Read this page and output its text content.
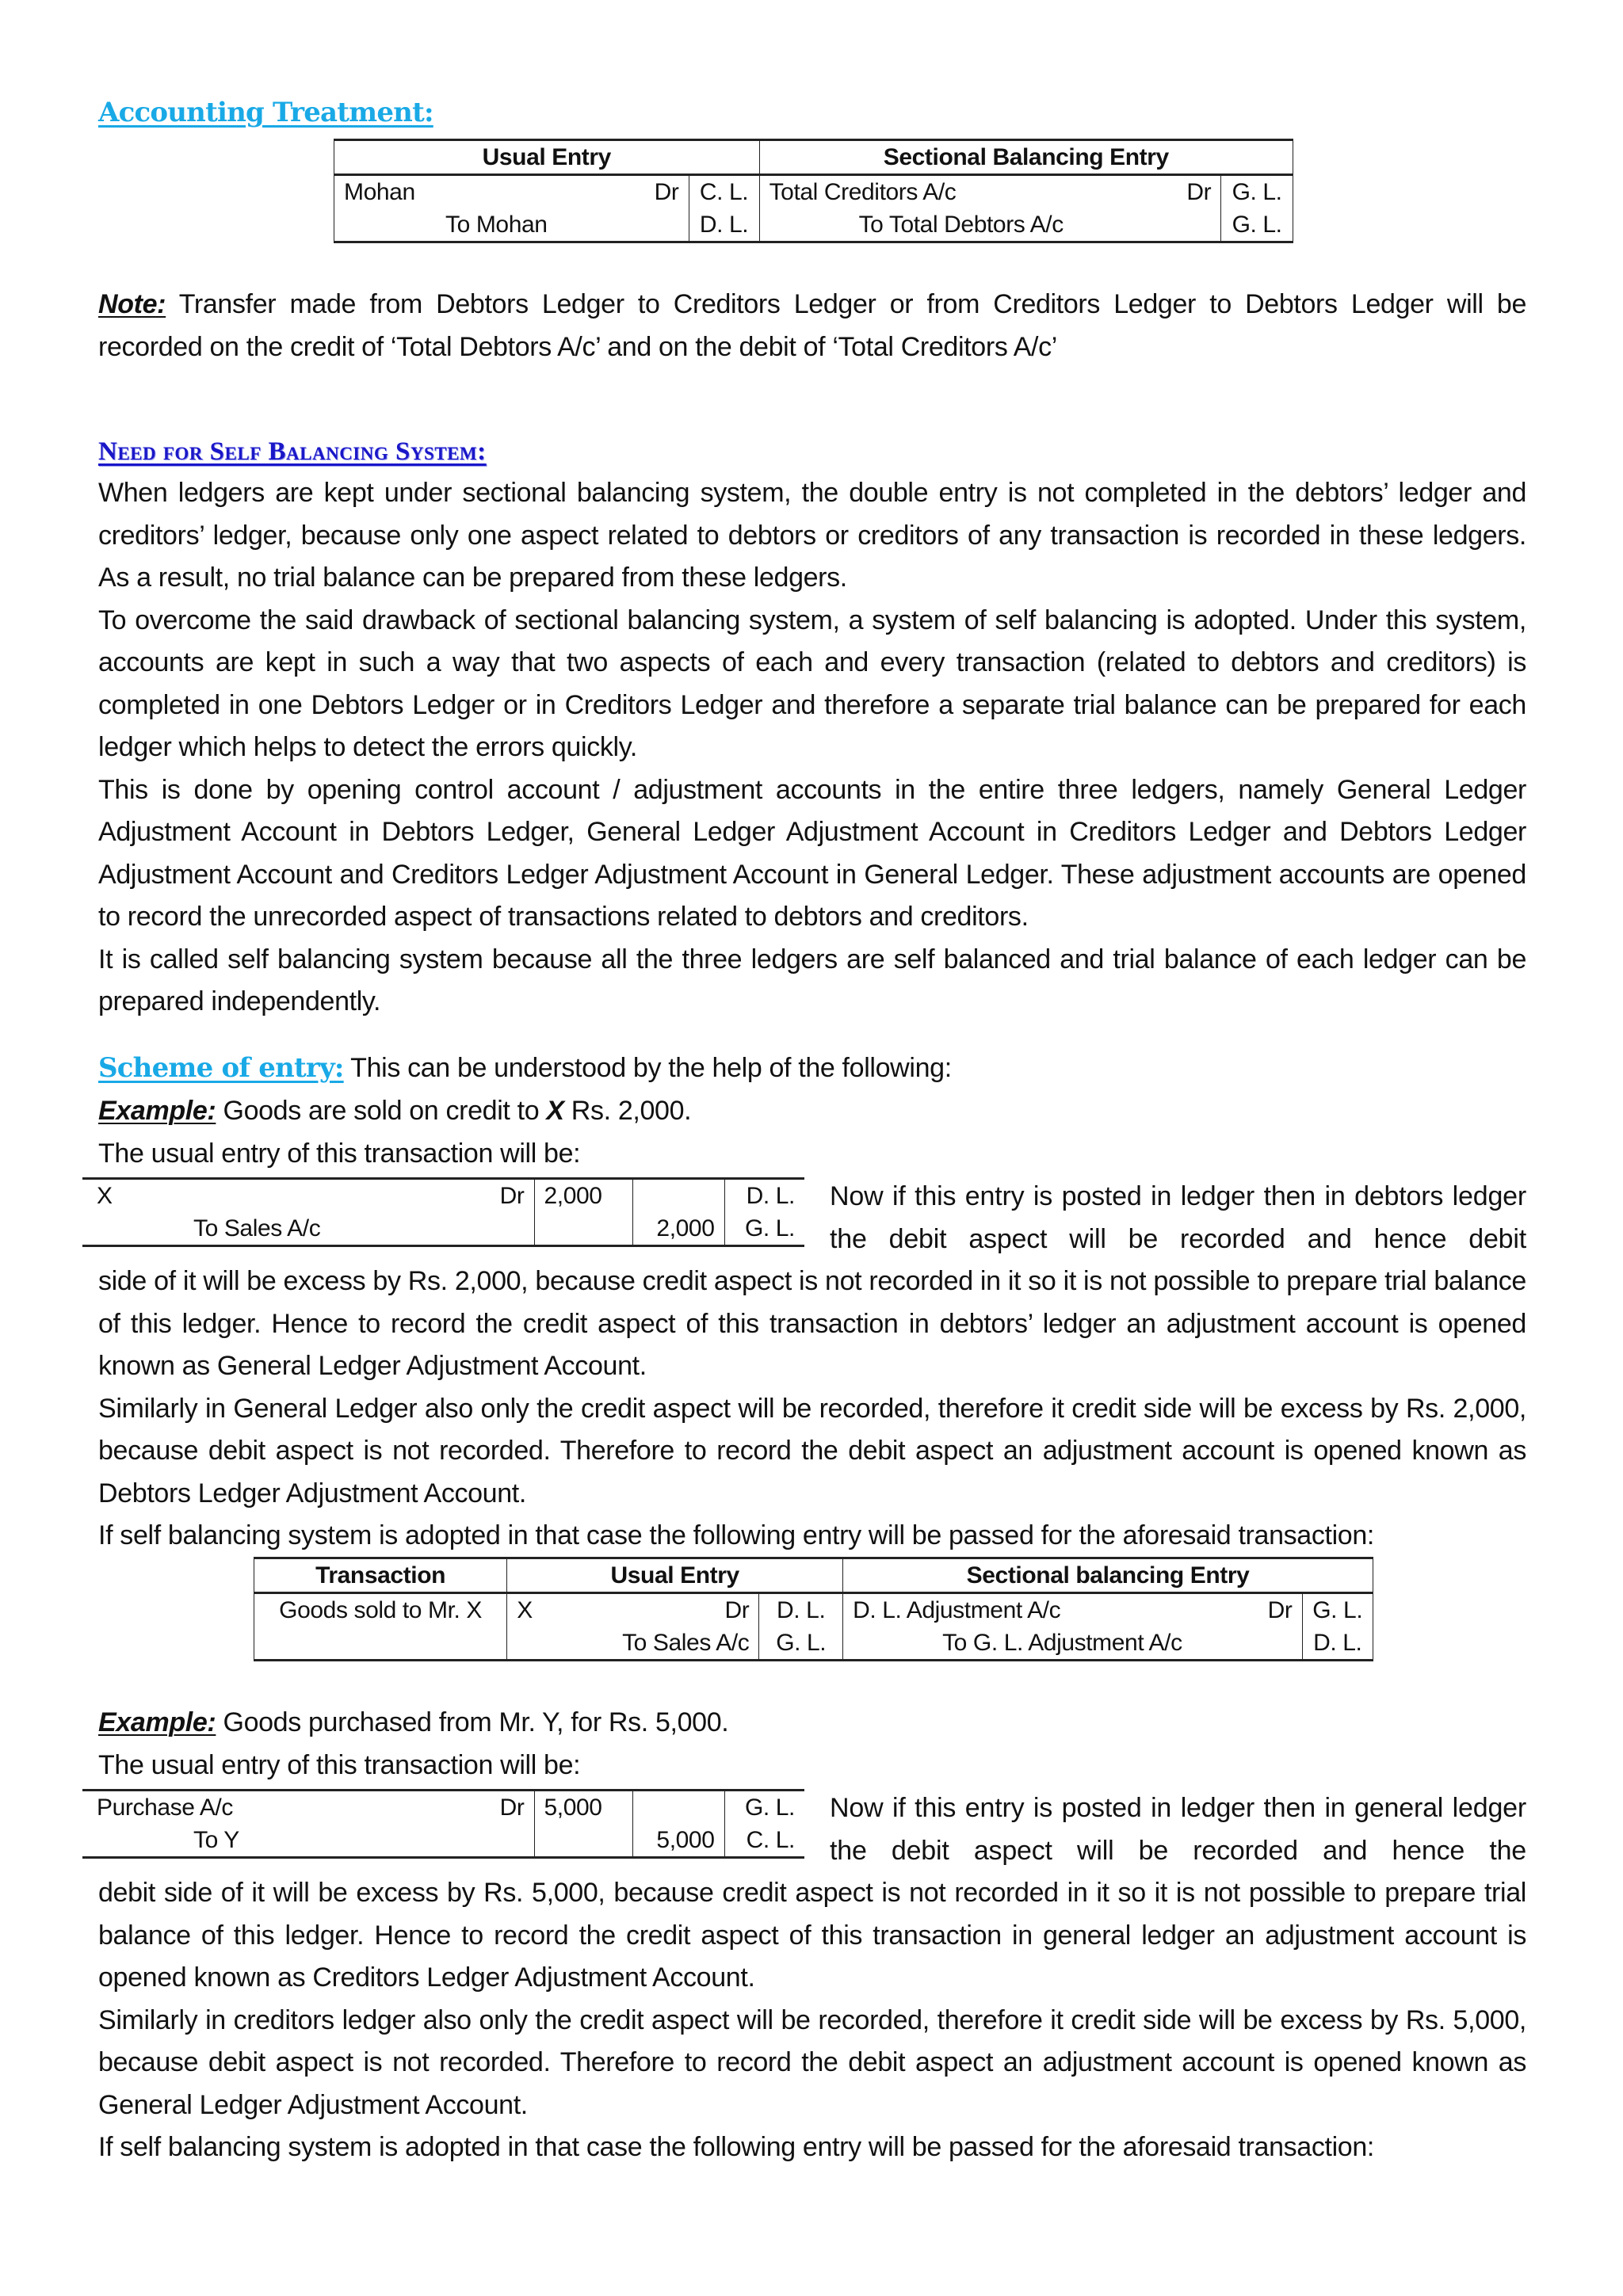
Accounting Treatment:
Usual Entry		Sectional Balancing Entry	

Mohan Dr	C. L.	Total Creditors A/c Dr	G. L.
To Mohan	D. L.	To Total Debtors A/c	G. L.
Note: Transfer made from Debtors Ledger to Creditors Ledger or from Creditors Ledger to Debtors Ledger will be recorded on the credit of ‘Total Debtors A/c’ and on the debit of ‘Total Creditors A/c’
Need for Self Balancing System:
When ledgers are kept under sectional balancing system, the double entry is not completed in the debtors’ ledger and creditors’ ledger, because only one aspect related to debtors or creditors of any transaction is recorded in these ledgers. As a result, no trial balance can be prepared from these ledgers.
To overcome the said drawback of sectional balancing system, a system of self balancing is adopted. Under this system, accounts are kept in such a way that two aspects of each and every transaction (related to debtors and creditors) is completed in one Debtors Ledger or in Creditors Ledger and therefore a separate trial balance can be prepared for each ledger which helps to detect the errors quickly.
This is done by opening control account / adjustment accounts in the entire three ledgers, namely General Ledger Adjustment Account in Debtors Ledger, General Ledger Adjustment Account in Creditors Ledger and Debtors Ledger Adjustment Account and Creditors Ledger Adjustment Account in General Ledger. These adjustment accounts are opened to record the unrecorded aspect of transactions related to debtors and creditors.
It is called self balancing system because all the three ledgers are self balanced and trial balance of each ledger can be prepared independently.
Scheme of entry: This can be understood by the help of the following:
Example: Goods are sold on credit to X Rs. 2,000.
The usual entry of this transaction will be:
X Dr	2,000		D. L.
To Sales A/c		2,000	G. L.
Now if this entry is posted in ledger then in debtors ledger the debit aspect will be recorded and hence debit
side of it will be excess by Rs. 2,000, because credit aspect is not recorded in it so it is not possible to prepare trial balance of this ledger. Hence to record the credit aspect of this transaction in debtors’ ledger an adjustment account is opened known as General Ledger Adjustment Account.
Similarly in General Ledger also only the credit aspect will be recorded, therefore it credit side will be excess by Rs. 2,000, because debit aspect is not recorded. Therefore to record the debit aspect an adjustment account is opened known as Debtors Ledger Adjustment Account.
If self balancing system is adopted in that case the following entry will be passed for the aforesaid transaction:
Transaction	Usual Entry		Sectional balancing Entry	
Goods sold to Mr. X	X Dr	D. L.	D. L. Adjustment A/c Dr	G. L.
	To Sales A/c	G. L.	To G. L. Adjustment A/c	D. L.
Example: Goods purchased from Mr. Y, for Rs. 5,000.
The usual entry of this transaction will be:
Purchase A/c Dr	5,000		G. L.
To Y		5,000	C. L.
Now if this entry is posted in ledger then in general ledger the debit aspect will be recorded and hence the
debit side of it will be excess by Rs. 5,000, because credit aspect is not recorded in it so it is not possible to prepare trial balance of this ledger. Hence to record the credit aspect of this transaction in general ledger an adjustment account is opened known as Creditors Ledger Adjustment Account.
Similarly in creditors ledger also only the credit aspect will be recorded, therefore it credit side will be excess by Rs. 5,000, because debit aspect is not recorded. Therefore to record the debit aspect an adjustment account is opened known as General Ledger Adjustment Account.
If self balancing system is adopted in that case the following entry will be passed for the aforesaid transaction:
